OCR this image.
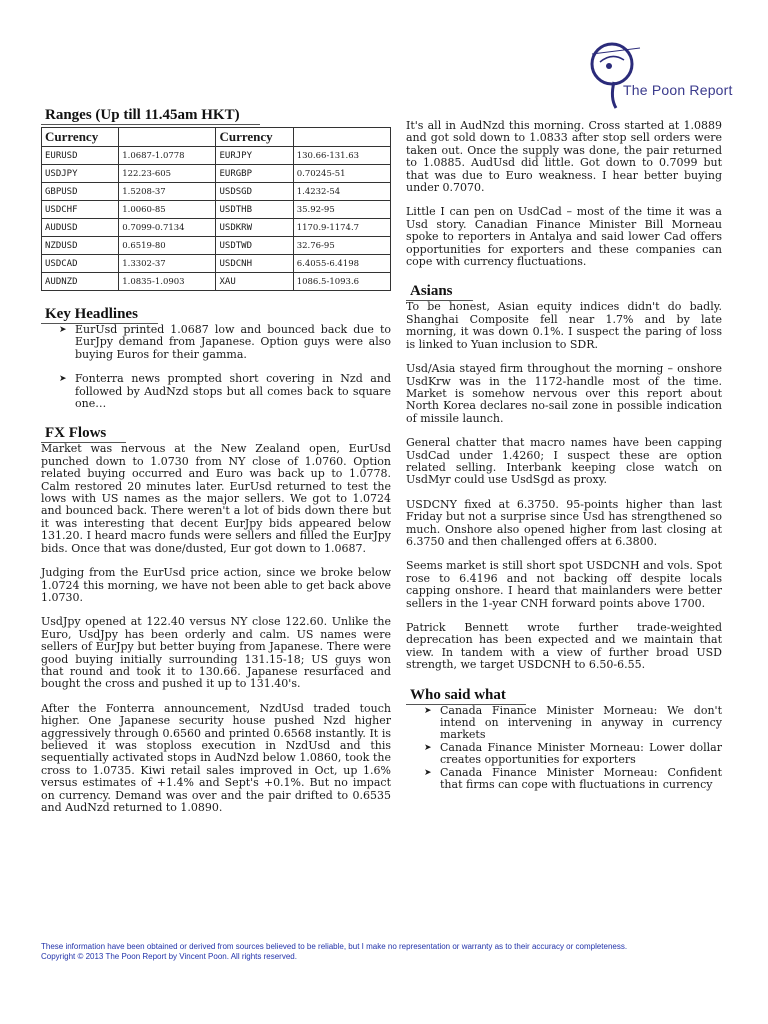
The Poon Report
Ranges (Up till 11.45am HKT)
Currency		Currency	
EURUSD	1.0687-1.0778	EURJPY	130.66-131.63
USDJPY	122.23-605	EURGBP	0.70245-51
GBPUSD	1.5208-37	USDSGD	1.4232-54
USDCHF	1.0060-85	USDTHB	35.92-95
AUDUSD	0.7099-0.7134	USDKRW	1170.9-1174.7
NZDUSD	0.6519-80	USDTWD	32.76-95
USDCAD	1.3302-37	USDCNH	6.4055-6.4198
AUDNZD	1.0835-1.0903	XAU	1086.5-1093.6
Key Headlines
➤ EurUsd printed 1.0687 low and bounced back due to EurJpy demand from Japanese. Option guys were also buying Euros for their gamma.
➤ Fonterra news prompted short covering in Nzd and followed by AudNzd stops but all comes back to square one…
FX Flows

Market was nervous at the New Zealand open, EurUsd punched down to 1.0730 from NY close of 1.0760. Option related buying occurred and Euro was back up to 1.0778. Calm restored 20 minutes later. EurUsd returned to test the lows with US names as the major sellers. We got to 1.0724 and bounced back. There weren't a lot of bids down there but it was interesting that decent EurJpy bids appeared below 131.20. I heard macro funds were sellers and filled the EurJpy bids. Once that was done/dusted, Eur got down to 1.0687.

Judging from the EurUsd price action, since we broke below 1.0724 this morning, we have not been able to get back above 1.0730.

UsdJpy opened at 122.40 versus NY close 122.60. Unlike the Euro, UsdJpy has been orderly and calm. US names were sellers of EurJpy but better buying from Japanese. There were good buying initially surrounding 131.15-18; US guys won that round and took it to 130.66. Japanese resurfaced and bought the cross and pushed it up to 131.40's.

After the Fonterra announcement, NzdUsd traded touch higher. One Japanese security house pushed Nzd higher aggressively through 0.6560 and printed 0.6568 instantly. It is believed it was stoploss execution in NzdUsd and this sequentially activated stops in AudNzd below 1.0860, took the cross to 1.0735. Kiwi retail sales improved in Oct, up 1.6% versus estimates of +1.4% and Sept's +0.1%. But no impact on currency. Demand was over and the pair drifted to 0.6535 and AudNzd returned to 1.0890.

It's all in AudNzd this morning. Cross started at 1.0889 and got sold down to 1.0833 after stop sell orders were taken out. Once the supply was done, the pair returned to 1.0885. AudUsd did little. Got down to 0.7099 but that was due to Euro weakness. I hear better buying under 0.7070.

Little I can pen on UsdCad – most of the time it was a Usd story. Canadian Finance Minister Bill Morneau spoke to reporters in Antalya and said lower Cad offers opportunities for exporters and these companies can cope with currency fluctuations.

Asians

To be honest, Asian equity indices didn't do badly. Shanghai Composite fell near 1.7% and by late morning, it was down 0.1%. I suspect the paring of loss is linked to Yuan inclusion to SDR.

Usd/Asia stayed firm throughout the morning – onshore UsdKrw was in the 1172-handle most of the time. Market is somehow nervous over this report about North Korea declares no-sail zone in possible indication of missile launch.

General chatter that macro names have been capping UsdCad under 1.4260; I suspect these are option related selling. Interbank keeping close watch on UsdMyr could use UsdSgd as proxy.

USDCNY fixed at 6.3750. 95-points higher than last Friday but not a surprise since Usd has strengthened so much. Onshore also opened higher from last closing at 6.3750 and then challenged offers at 6.3800.

Seems market is still short spot USDCNH and vols. Spot rose to 6.4196 and not backing off despite locals capping onshore. I heard that mainlanders were better sellers in the 1-year CNH forward points above 1700.

Patrick Bennett wrote further trade-weighted deprecation has been expected and we maintain that view. In tandem with a view of further broad USD strength, we target USDCNH to 6.50-6.55.

Who said what
➤ Canada Finance Minister Morneau: We don't intend on intervening in anyway in currency markets
➤ Canada Finance Minister Morneau: Lower dollar creates opportunities for exporters
➤ Canada Finance Minister Morneau: Confident that firms can cope with fluctuations in currency
These information have been obtained or derived from sources believed to be reliable, but I make no representation or warranty as to their accuracy or completeness.
Copyright © 2013 The Poon Report by Vincent Poon. All rights reserved.
